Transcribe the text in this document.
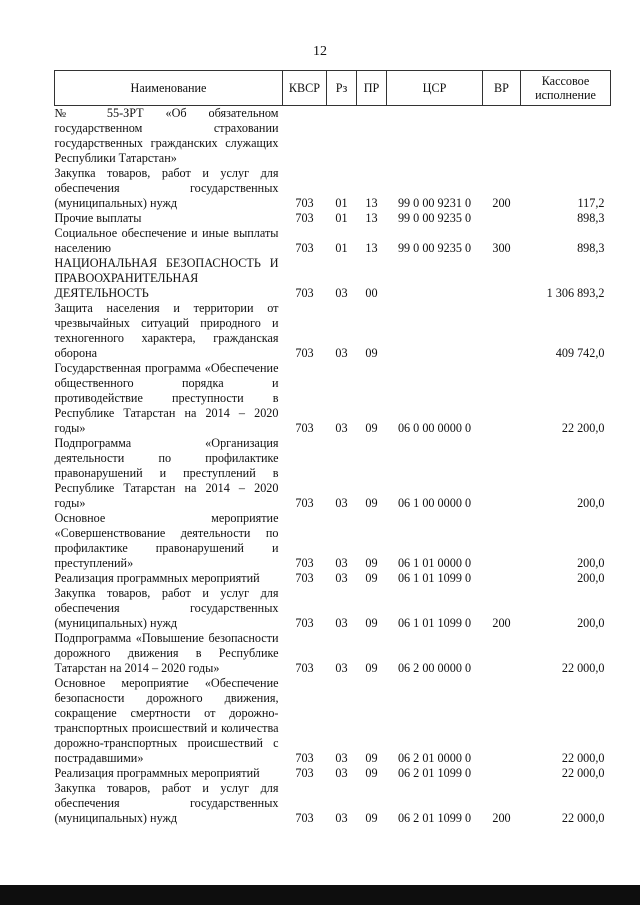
12
Наименование	КВСР	Рз	ПР	ЦСР	ВР	Кассовое исполнение
№ 55-ЗРТ «Об обязательном государственном страховании государственных гражданских служащих Республики Татарстан»						
Закупка товаров, работ и услуг для обеспечения государственных (муниципальных) нужд	703	01	13	99 0 00 9231 0	200	117,2
Прочие выплаты	703	01	13	99 0 00 9235 0		898,3
Социальное обеспечение и иные выплаты населению	703	01	13	99 0 00 9235 0	300	898,3
НАЦИОНАЛЬНАЯ БЕЗОПАСНОСТЬ И ПРАВООХРАНИТЕЛЬНАЯ ДЕЯТЕЛЬНОСТЬ	703	03	00			1 306 893,2
Защита населения и территории от чрезвычайных ситуаций природного и техногенного характера, гражданская оборона	703	03	09			409 742,0
Государственная программа «Обеспечение общественного порядка и противодействие преступности в Республике Татарстан на 2014 – 2020 годы»	703	03	09	06 0 00 0000 0		22 200,0
Подпрограмма «Организация деятельности по профилактике правонарушений и преступлений в Республике Татарстан на 2014 – 2020 годы»	703	03	09	06 1 00 0000 0		200,0
Основное мероприятие «Совершенствование деятельности по профилактике правонарушений и преступлений»	703	03	09	06 1 01 0000 0		200,0
Реализация программных мероприятий	703	03	09	06 1 01 1099 0		200,0
Закупка товаров, работ и услуг для обеспечения государственных (муниципальных) нужд	703	03	09	06 1 01 1099 0	200	200,0
Подпрограмма «Повышение безопасности дорожного движения в Республике Татарстан на 2014 – 2020 годы»	703	03	09	06 2 00 0000 0		22 000,0
Основное мероприятие «Обеспечение безопасности дорожного движения, сокращение смертности от дорожно-транспортных происшествий и количества дорожно-транспортных происшествий с пострадавшими»	703	03	09	06 2 01 0000 0		22 000,0
Реализация программных мероприятий	703	03	09	06 2 01 1099 0		22 000,0
Закупка товаров, работ и услуг для обеспечения государственных (муниципальных) нужд	703	03	09	06 2 01 1099 0	200	22 000,0
